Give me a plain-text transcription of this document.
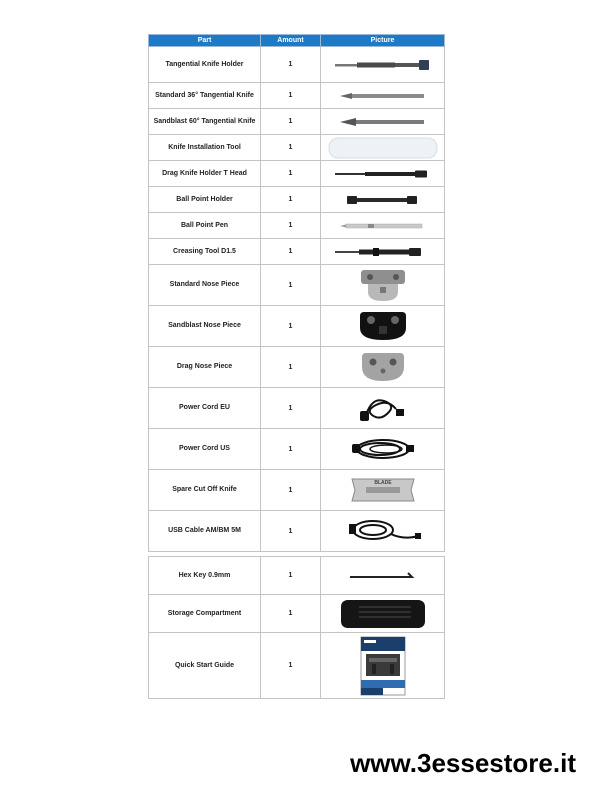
Part	Amount	Picture
Tangential Knife Holder	1	

Standard 36° Tangential Knife	1	

Sandblast 60° Tangential Knife	1	

Knife Installation Tool	1	

Drag Knife Holder T Head	1	

Ball Point Holder	1	

Ball Point Pen	1	

Creasing Tool D1.5	1	

Standard Nose Piece	1	

Sandblast Nose Piece	1	

Drag Nose Piece	1	

Power Cord EU	1	

Power Cord US	1	

Spare Cut Off Knife	1	BLADE

USB Cable AM/BM 5M	1	

Hex Key 0.9mm	1	

Storage Compartment	1	

Quick Start Guide	1	
www.3essestore.it
